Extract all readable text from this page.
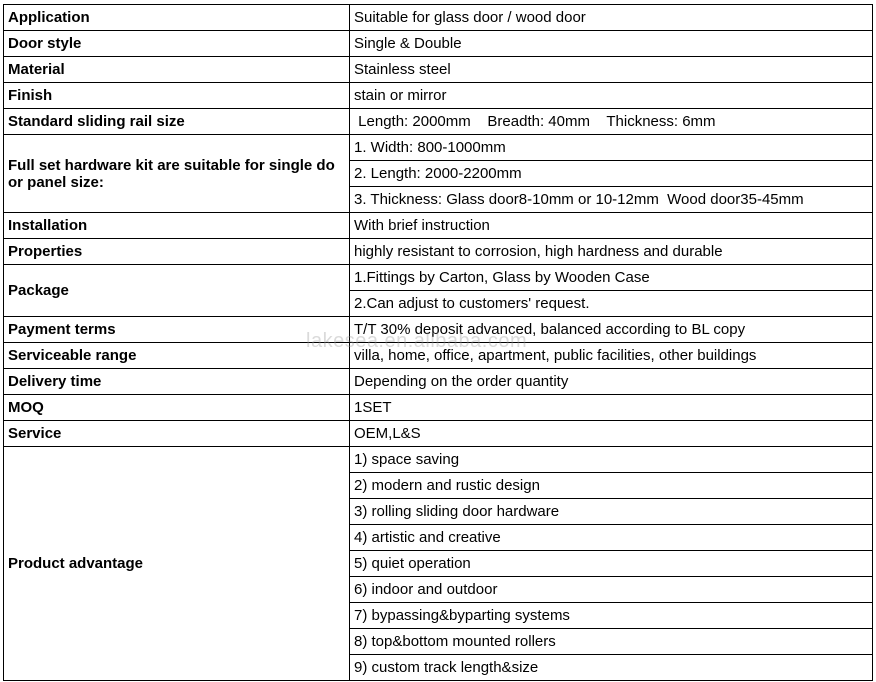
Application	Suitable for glass door / wood door
Door style	Single & Double
Material	Stainless steel
Finish	stain or mirror
Standard sliding rail size	Length: 2000mm    Breadth: 40mm    Thickness: 6mm
Full set hardware kit are suitable for single door panel size:	1. Width: 800-1000mm
	2. Length: 2000-2200mm
	3. Thickness: Glass door8-10mm or 10-12mm  Wood door35-45mm
Installation	With brief instruction
Properties	highly resistant to corrosion, high hardness and durable
Package	1.Fittings by Carton, Glass by Wooden Case
	2.Can adjust to customers' request.
Payment terms	T/T 30% deposit advanced, balanced according to BL copy
Serviceable range	villa, home, office, apartment, public facilities, other buildings
Delivery time	Depending on the order quantity
MOQ	1SET
Service	OEM,L&S
Product advantage	1) space saving
	2) modern and rustic design
	3) rolling sliding door hardware
	4) artistic and creative
	5) quiet operation
	6) indoor and outdoor
	7) bypassing&byparting systems
	8) top&bottom mounted rollers
	9) custom track length&size
lakesea.en.alibaba.com
